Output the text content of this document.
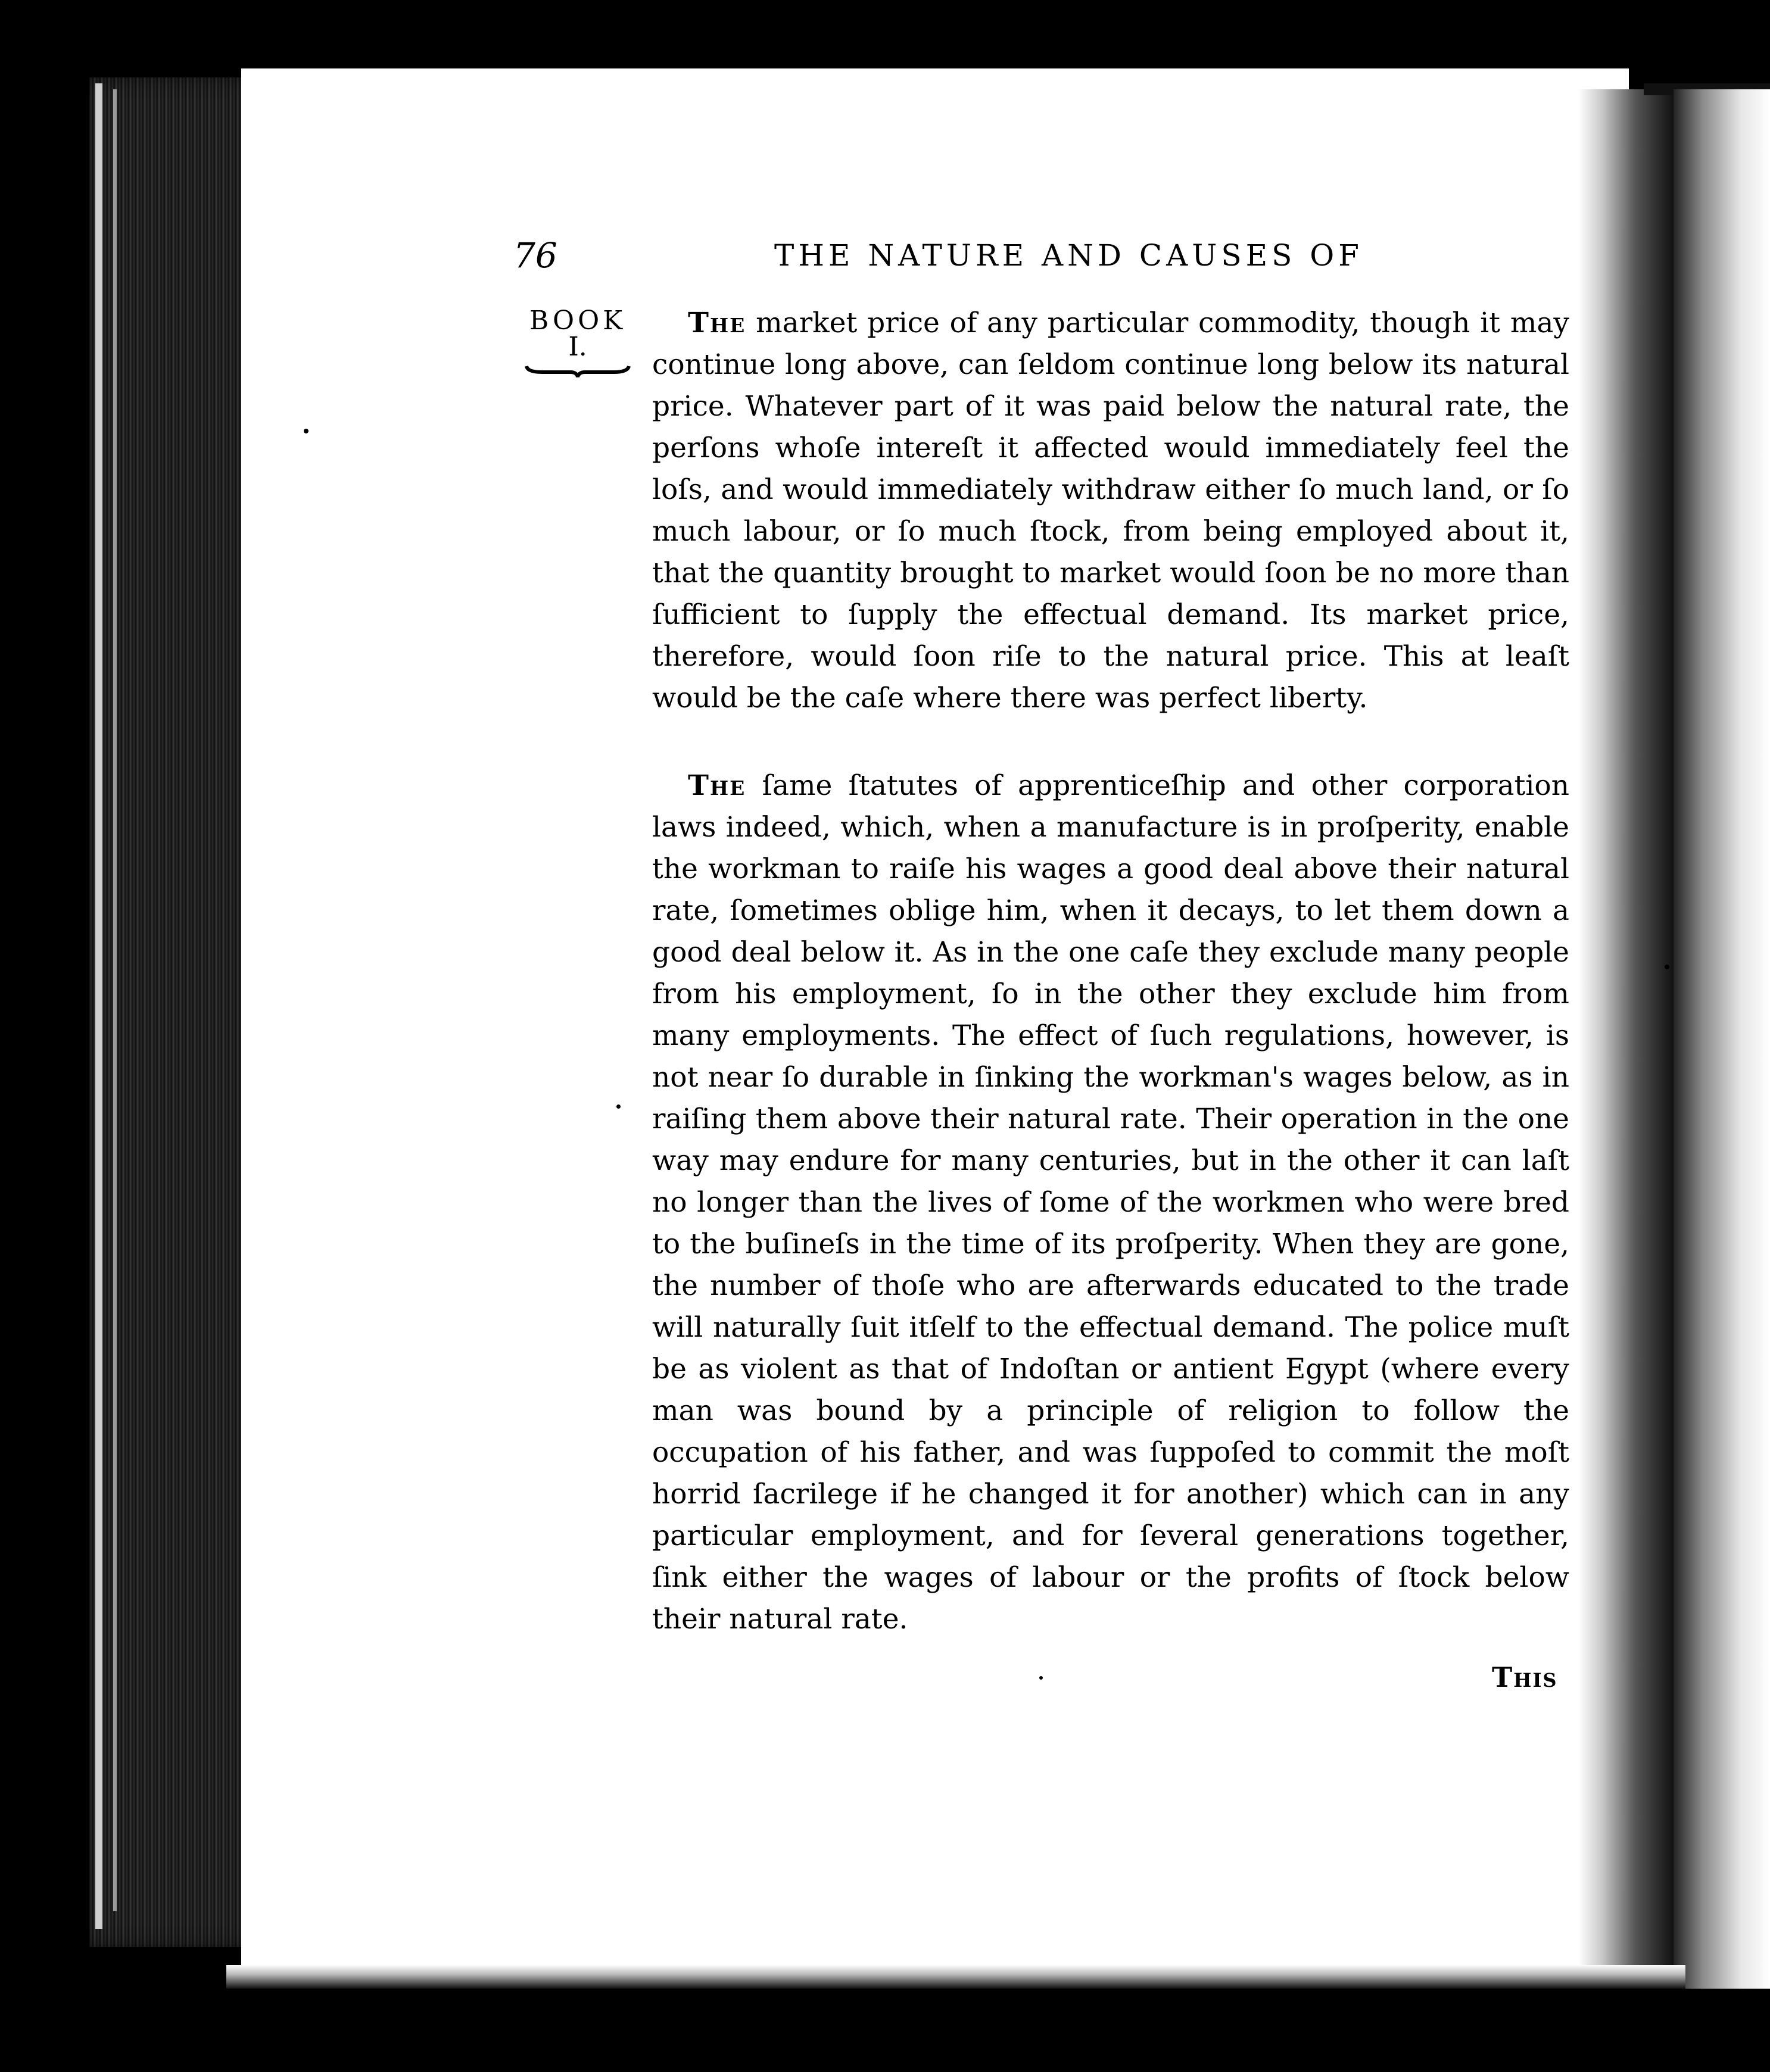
76	THE NATURE AND CAUSES OF
BOOK
I.
The market price of any particular commodity, though it may continue long above, can ſeldom continue long below its natural price. Whatever part of it was paid below the natural rate, the perſons whoſe intereſt it affected would immediately feel the loſs, and would immediately withdraw either ſo much land, or ſo much labour, or ſo much ſtock, from being employed about it, that the quantity brought to market would ſoon be no more than ſufficient to ſupply the effectual demand. Its market price, therefore, would ſoon riſe to the natural price. This at leaſt would be the caſe where there was perfect liberty.
The ſame ſtatutes of apprenticeſhip and other corporation laws indeed, which, when a manufacture is in proſperity, enable the workman to raiſe his wages a good deal above their natural rate, ſometimes oblige him, when it decays, to let them down a good deal below it. As in the one caſe they exclude many people from his employment, ſo in the other they exclude him from many employments. The effect of ſuch regulations, however, is not near ſo durable in ſinking the workman's wages below, as in raiſing them above their natural rate. Their operation in the one way may endure for many centuries, but in the other it can laſt no longer than the lives of ſome of the workmen who were bred to the buſineſs in the time of its proſperity. When they are gone, the number of thoſe who are afterwards educated to the trade will naturally ſuit itſelf to the effectual demand. The police muſt be as violent as that of Indoſtan or antient Egypt (where every man was bound by a principle of religion to follow the occupation of his father, and was ſuppoſed to commit the moſt horrid ſacrilege if he changed it for another) which can in any particular employment, and for ſeveral generations together, ſink either the wages of labour or the profits of ſtock below their natural rate.
This
